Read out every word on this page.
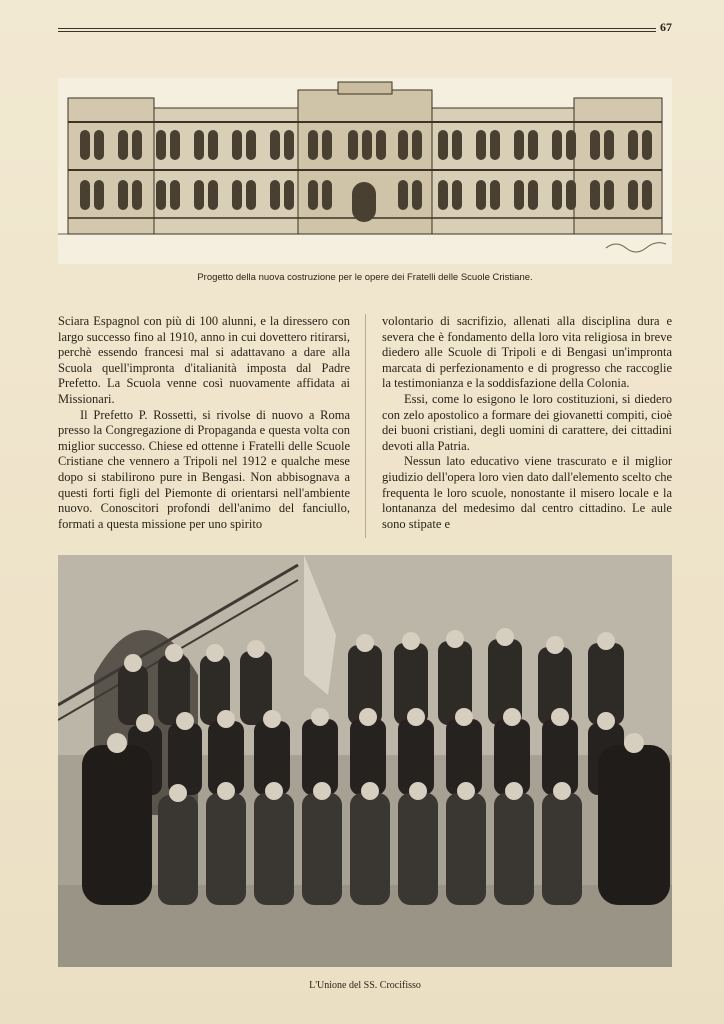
67
Progetto della nuova costruzione per le opere dei Fratelli delle Scuole Cristiane.

Sciara Espagnol con più di 100 alunni, e la diressero con largo successo fino al 1910, anno in cui dovettero ritirarsi, perchè essendo francesi mal si adattavano a dare alla Scuola quell'impronta d'italianità imposta dal Padre Prefetto. La Scuola venne così nuovamente affidata ai Missionari.

Il Prefetto P. Rossetti, si rivolse di nuovo a Roma presso la Congregazione di Propaganda e questa volta con miglior successo. Chiese ed ottenne i Fratelli delle Scuole Cristiane che vennero a Tripoli nel 1912 e qualche mese dopo si stabilirono pure in Bengasi. Non abbisognava a questi forti figli del Piemonte di orientarsi nell'ambiente nuovo. Conoscitori profondi dell'animo del fanciullo, formati a questa missione per uno spirito

volontario di sacrifizio, allenati alla disciplina dura e severa che è fondamento della loro vita religiosa in breve diedero alle Scuole di Tripoli e di Bengasi un'impronta marcata di perfezionamento e di progresso che raccoglie la testimonianza e la soddisfazione della Colonia.

Essi, come lo esigono le loro costituzioni, si diedero con zelo apostolico a formare dei giovanetti compiti, cioè dei buoni cristiani, degli uomini di carattere, dei cittadini devoti alla Patria.

Nessun lato educativo viene trascurato e il miglior giudizio dell'opera loro vien dato dall'elemento scelto che frequenta le loro scuole, nonostante il misero locale e la lontananza del medesimo dal centro cittadino. Le aule sono stipate e

L'Unione del SS. Crocifisso
